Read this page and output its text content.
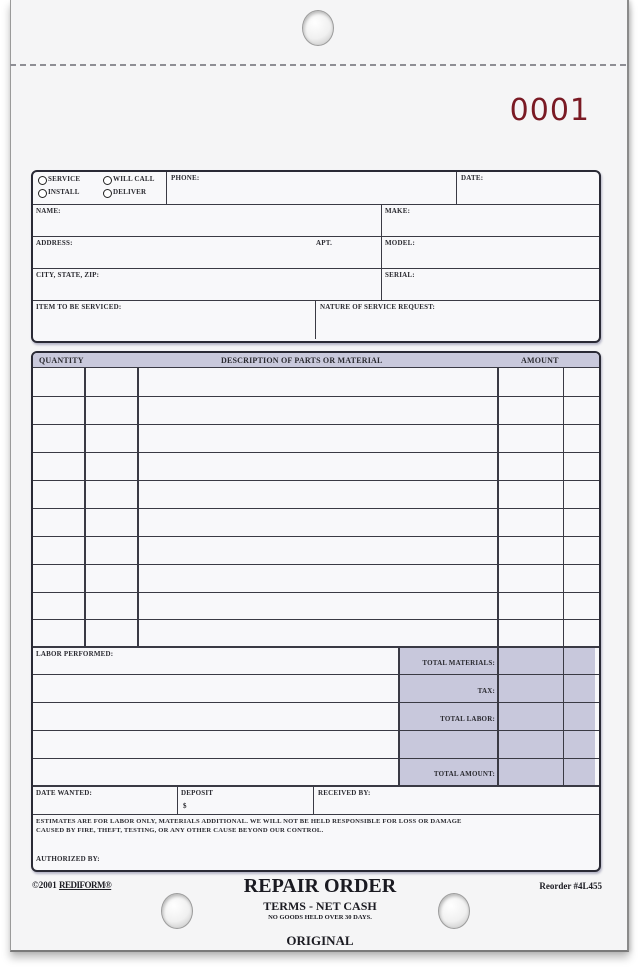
0001
SERVICE	WILL CALL
INSTALL	DELIVER
PHONE:	DATE:
NAME:	MAKE:
ADDRESS:	APT.	MODEL:
CITY, STATE, ZIP:	SERIAL:
ITEM TO BE SERVICED:	NATURE OF SERVICE REQUEST:
QUANTITY	DESCRIPTION OF PARTS OR MATERIAL	AMOUNT
LABOR PERFORMED:
TOTAL MATERIALS:
TAX:
TOTAL LABOR:
TOTAL AMOUNT:
DATE WANTED:	DEPOSIT
$
RECEIVED BY:
ESTIMATES ARE FOR LABOR ONLY, MATERIALS ADDITIONAL. WE WILL NOT BE HELD RESPONSIBLE FOR LOSS OR DAMAGE
CAUSED BY FIRE, THEFT, TESTING, OR ANY OTHER CAUSE BEYOND OUR CONTROL.
AUTHORIZED BY:
©2001 REDIFORM®	Reorder #4L455
REPAIR ORDER
TERMS - NET CASH
NO GOODS HELD OVER 30 DAYS.
ORIGINAL
